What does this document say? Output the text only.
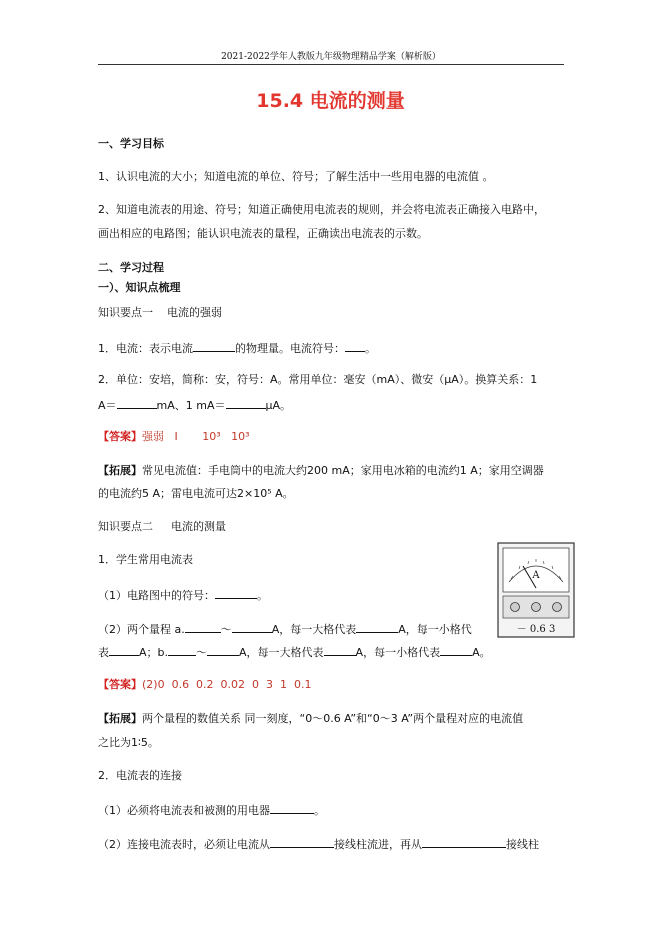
2021-2022学年人教版九年级物理精品学案（解析版）
15.4 电流的测量
一、学习目标
1、认识电流的大小；知道电流的单位、符号；了解生活中一些用电器的电流值 。
2、知道电流表的用途、符号；知道正确使用电流表的规则，并会将电流表正确接入电路中，
画出相应的电路图；能认识电流表的量程，正确读出电流表的示数。
二、学习过程
一）、知识点梳理
知识要点一 电流的强弱
1．电流：表示电流	的物理量。电流符号： 。
2．单位：安培，简称：安，符号：A。常用单位：毫安（mA）、微安（μA）。换算关系：1
A＝	mA、1 mA＝	μA。
【答案】强弱   I       10³   10³
【拓展】常见电流值：手电筒中的电流大约200 mA；家用电冰箱的电流约1 A；家用空调器
的电流约5 A；雷电电流可达2×10⁵ A。
知识要点二 电流的测量
1．学生常用电流表
（1）电路图中的符号：	。
（2）两个量程 a.	～	A，每一大格代表	A，每一小格代
表	A；b.	～	A，每一大格代表	A，每一小格代表	A。
【答案】(2)0  0.6  0.2  0.02  0  3  1  0.1
【拓展】两个量程的数值关系 同一刻度，“0～0.6 A”和“0～3 A”两个量程对应的电流值
之比为1∶5。
2．电流表的连接
（1）必须将电流表和被测的用电器	。
（2）连接电流表时，必须让电流从	接线柱流进，再从	接线柱
A
－ 0.6 3
